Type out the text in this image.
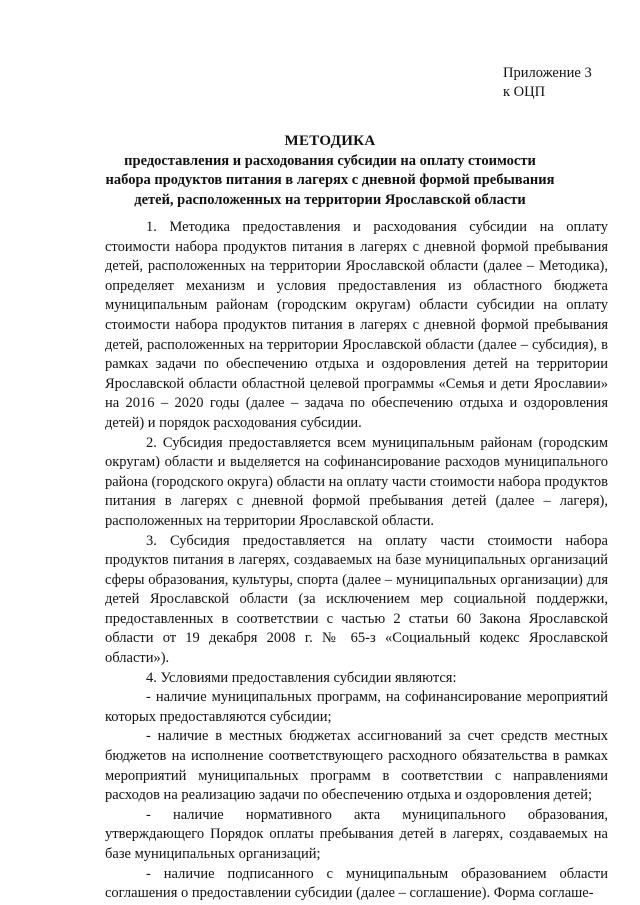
Приложение 3
к ОЦП
МЕТОДИКА
предоставления и расходования субсидии на оплату стоимости
набора продуктов питания в лагерях с дневной формой пребывания
детей, расположенных на территории Ярославской области

1. Методика предоставления и расходования субсидии на оплату стоимости набора продуктов питания в лагерях с дневной формой пребывания детей, расположенных на территории Ярославской области (далее – Методика), определяет механизм и условия предоставления из областного бюджета муниципальным районам (городским округам) области субсидии на оплату стоимости набора продуктов питания в лагерях с дневной формой пребывания детей, расположенных на территории Ярославской области (далее – субсидия), в рамках задачи по обеспечению отдыха и оздоровления детей на территории Ярославской области областной целевой программы «Семья и дети Ярославии» на 2016 – 2020 годы (далее – задача по обеспечению отдыха и оздоровления детей) и порядок расходования субсидии.

2. Субсидия предоставляется всем муниципальным районам (городским округам) области и выделяется на софинансирование расходов муниципального района (городского округа) области на оплату части стоимости набора продуктов питания в лагерях с дневной формой пребывания детей (далее – лагеря), расположенных на территории Ярославской области.

3. Субсидия предоставляется на оплату части стоимости набора продуктов питания в лагерях, создаваемых на базе муниципальных организаций сферы образования, культуры, спорта (далее – муниципальных организации) для детей Ярославской области (за исключением мер социальной поддержки, предоставленных в соответствии с частью 2 статьи 60 Закона Ярославской области от 19 декабря 2008 г. № 65-з «Социальный кодекс Ярославской области»).

4. Условиями предоставления субсидии являются:

- наличие муниципальных программ, на софинансирование мероприятий которых предоставляются субсидии;

- наличие в местных бюджетах ассигнований за счет средств местных бюджетов на исполнение соответствующего расходного обязательства в рамках мероприятий муниципальных программ в соответствии с направлениями расходов на реализацию задачи по обеспечению отдыха и оздоровления детей;

- наличие нормативного акта муниципального образования, утверждающего Порядок оплаты пребывания детей в лагерях, создаваемых на базе муниципальных организаций;

- наличие подписанного с муниципальным образованием области соглашения о предоставлении субсидии (далее – соглашение). Форма соглаше-
